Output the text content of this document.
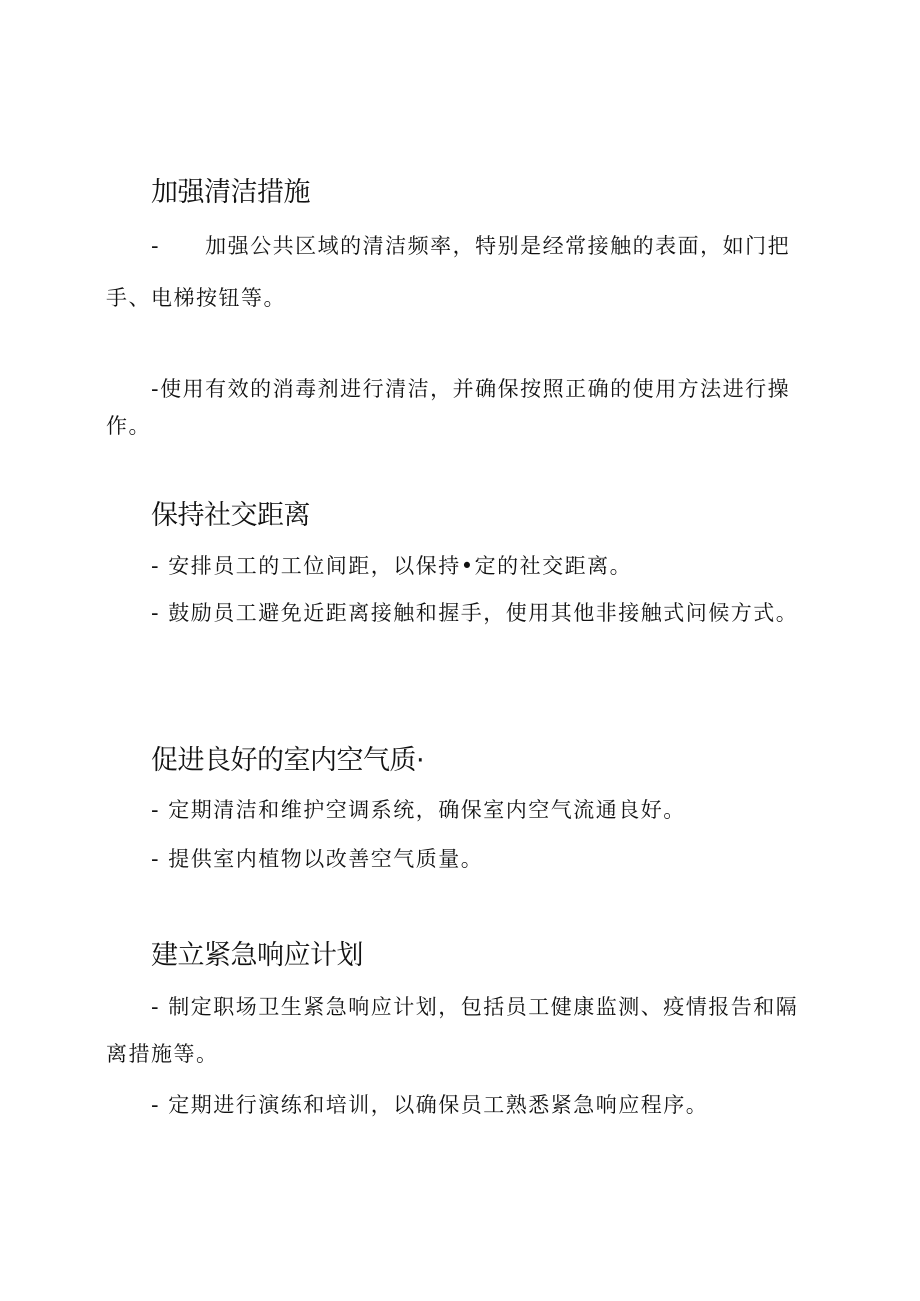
加强清洁措施

-　　加强公共区域的清洁频率，特别是经常接触的表面，如门把手、电梯按钮等。

-使用有效的消毒剂进行清洁，并确保按照正确的使用方法进行操作。

保持社交距离

- 安排员工的工位间距，以保持•定的社交距离。

- 鼓励员工避免近距离接触和握手，使用其他非接触式问候方式。

促进良好的室内空气质·

- 定期清洁和维护空调系统，确保室内空气流通良好。

- 提供室内植物以改善空气质量。

建立紧急响应计划

- 制定职场卫生紧急响应计划，包括员工健康监测、疫情报告和隔离措施等。

- 定期进行演练和培训，以确保员工熟悉紧急响应程序。
